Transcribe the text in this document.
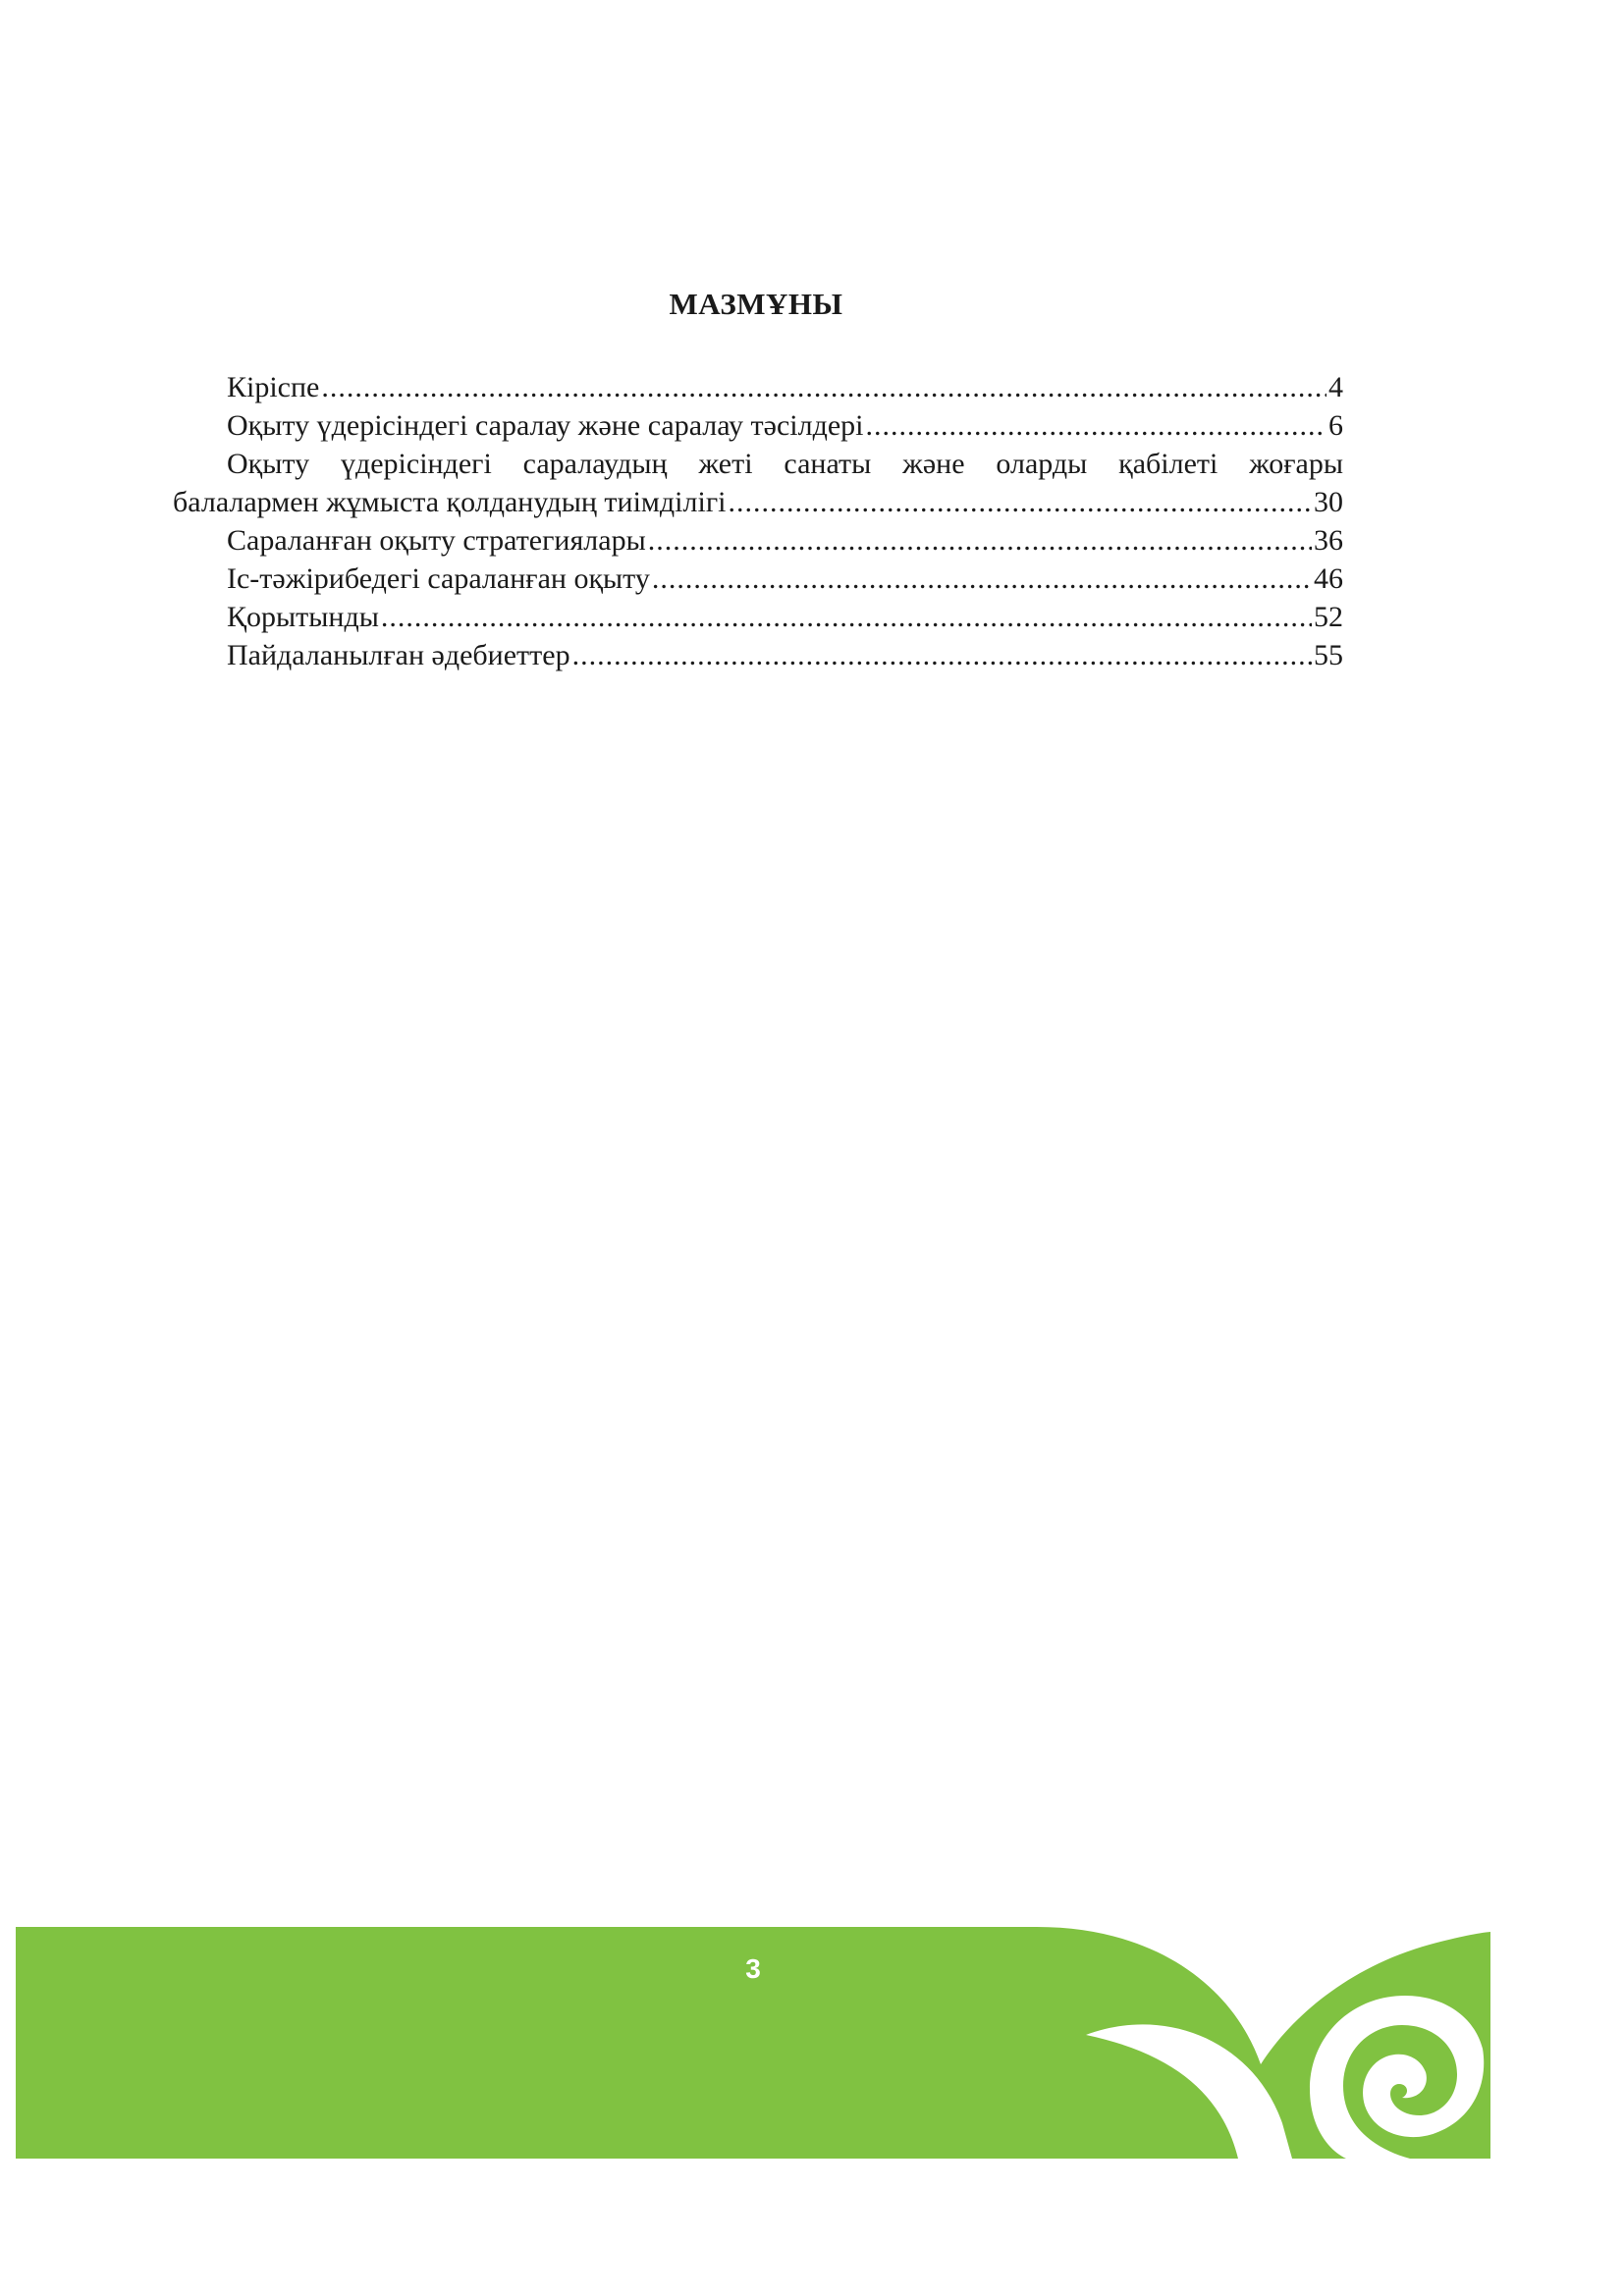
МАЗМҰНЫ
Кіріспе .....	4
Оқыту үдерісіндегі саралау және саралау тәсілдері .....	6
Оқыту үдерісіндегі саралаудың жеті санаты және оларды қабілеті жоғары
балалармен жұмыста қолданудың тиімділігі .....	30
Сараланған оқыту стратегиялары .....	36
Іс-тәжірибедегі сараланған оқыту .....	46
Қорытынды .....	52
Пайдаланылған әдебиеттер .....	55
3
